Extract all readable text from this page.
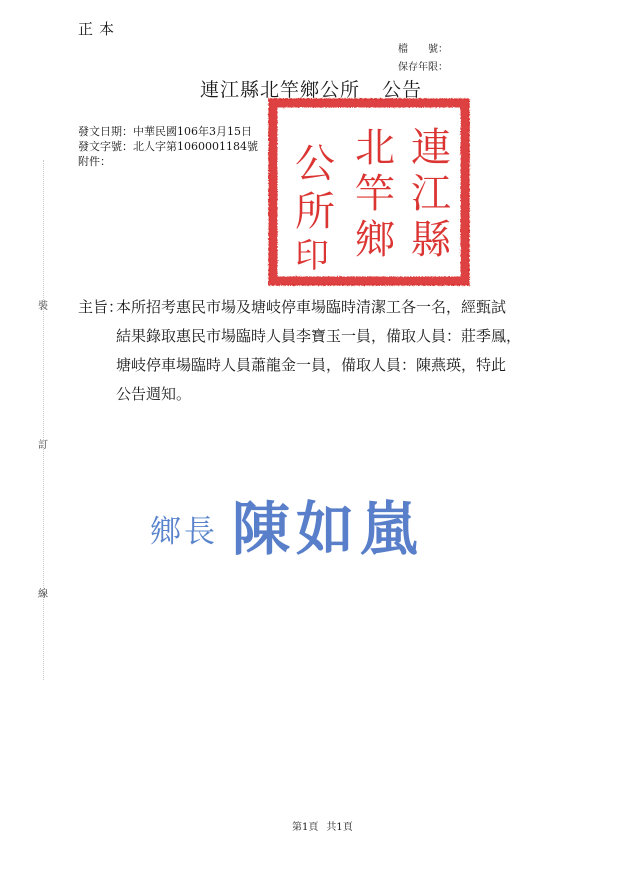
正本
檔　　號：
保存年限：
連江縣北竿鄉公所 公告
發文日期：中華民國106年3月15日
發文字號：北人字第1060001184號
附件：	連
江
縣
北
竿
鄉
公
所
印
裝
訂
線
主旨：
本所招考惠民市場及塘岐停車場臨時清潔工各一名，經甄試
結果錄取惠民市場臨時人員李寶玉一員，備取人員：莊季鳳，
塘岐停車場臨時人員蕭龍金一員，備取人員：陳燕瑛，特此
公告週知。
鄉長 陳如嵐
第1頁 共1頁
